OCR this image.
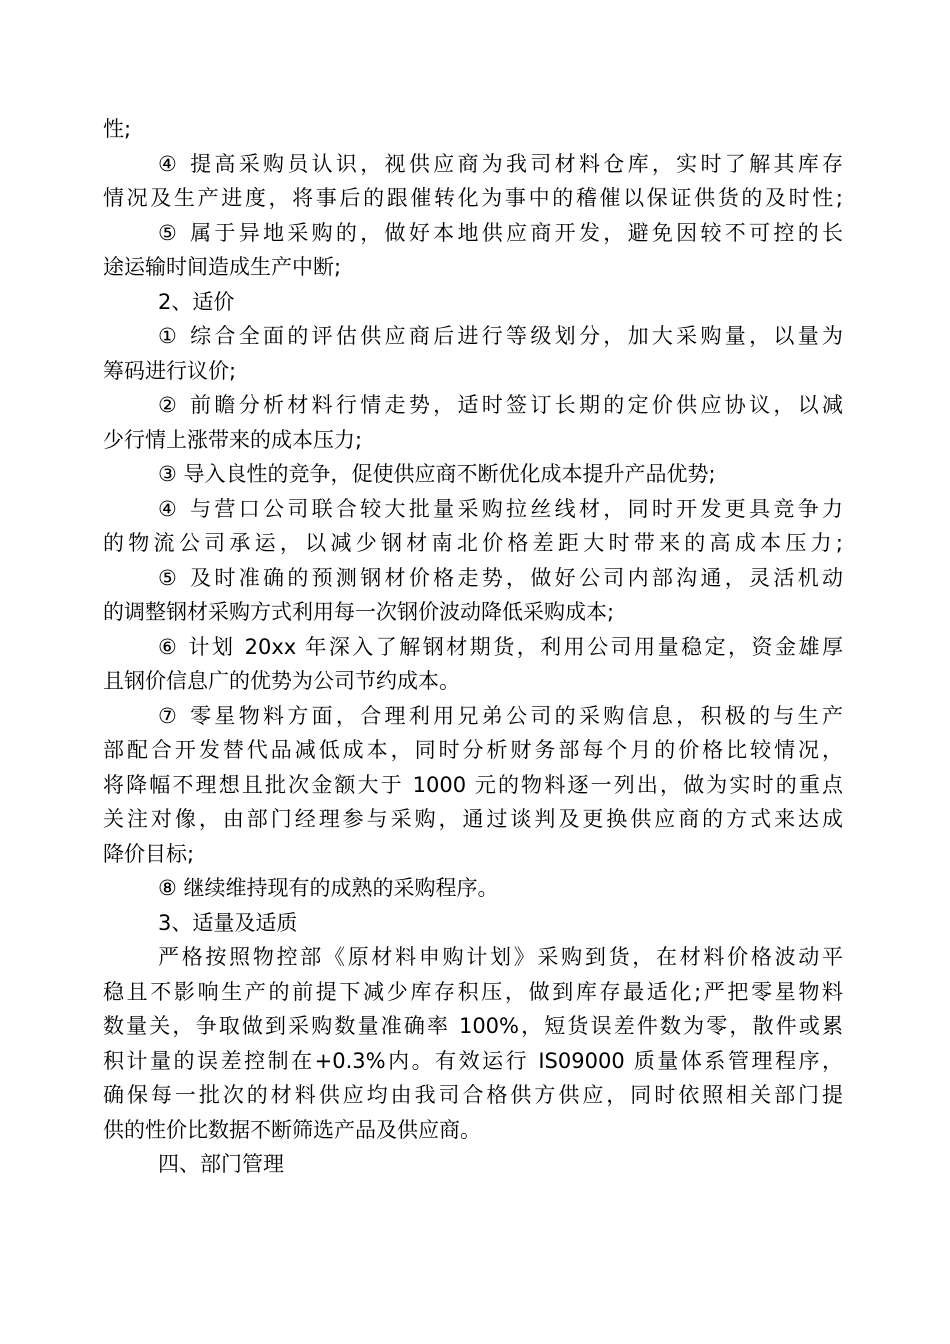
性;
④ 提高采购员认识，视供应商为我司材料仓库，实时了解其库存
情况及生产进度，将事后的跟催转化为事中的稽催以保证供货的及时性;
⑤ 属于异地采购的，做好本地供应商开发，避免因较不可控的长
途运输时间造成生产中断;
2、适价
① 综合全面的评估供应商后进行等级划分，加大采购量，以量为
筹码进行议价;
② 前瞻分析材料行情走势，适时签订长期的定价供应协议，以减
少行情上涨带来的成本压力;
③ 导入良性的竞争，促使供应商不断优化成本提升产品优势;
④ 与营口公司联合较大批量采购拉丝线材，同时开发更具竞争力
的物流公司承运，以减少钢材南北价格差距大时带来的高成本压力;
⑤ 及时准确的预测钢材价格走势，做好公司内部沟通，灵活机动
的调整钢材采购方式利用每一次钢价波动降低采购成本;
⑥ 计划 20xx 年深入了解钢材期货，利用公司用量稳定，资金雄厚
且钢价信息广的优势为公司节约成本。
⑦ 零星物料方面，合理利用兄弟公司的采购信息，积极的与生产
部配合开发替代品减低成本，同时分析财务部每个月的价格比较情况，
将降幅不理想且批次金额大于 1000 元的物料逐一列出，做为实时的重点
关注对像，由部门经理参与采购，通过谈判及更换供应商的方式来达成
降价目标;
⑧ 继续维持现有的成熟的采购程序。
3、适量及适质
严格按照物控部《原材料申购计划》采购到货，在材料价格波动平
稳且不影响生产的前提下减少库存积压，做到库存最适化;严把零星物料
数量关，争取做到采购数量准确率 100%，短货误差件数为零，散件或累
积计量的误差控制在+0.3%内。有效运行 IS09000 质量体系管理程序，
确保每一批次的材料供应均由我司合格供方供应，同时依照相关部门提
供的性价比数据不断筛选产品及供应商。
四、部门管理
